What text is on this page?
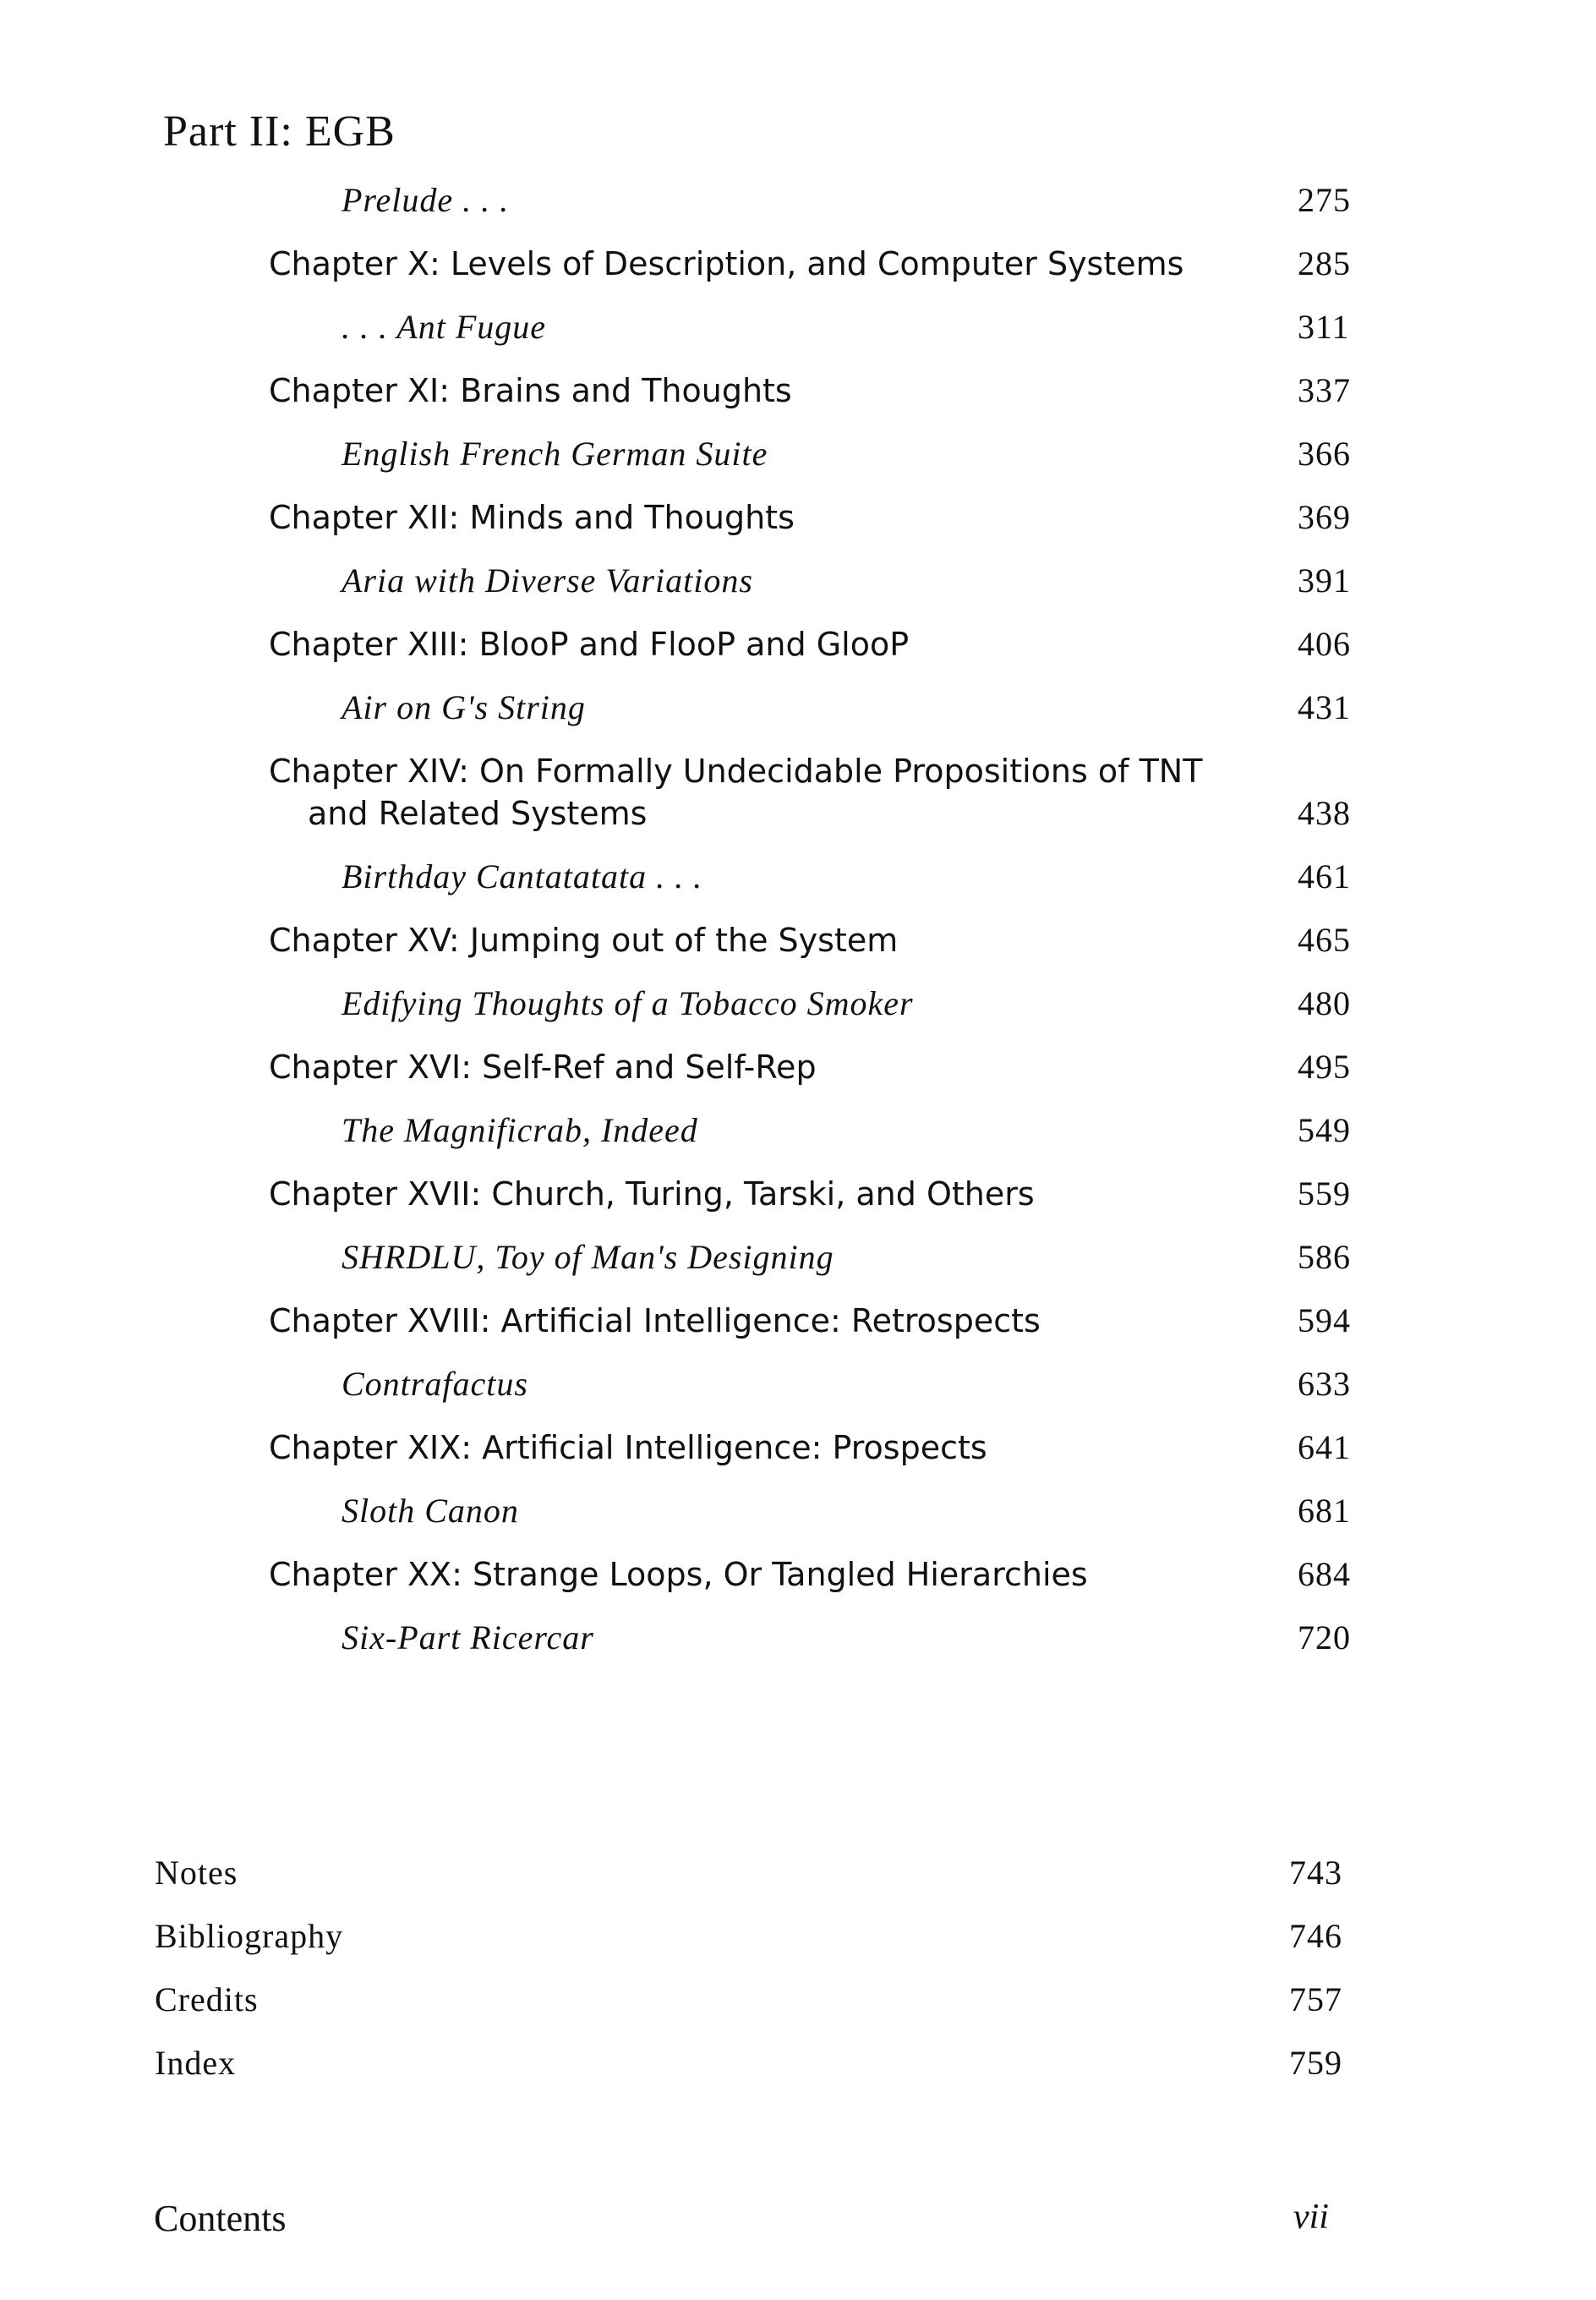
Part II: EGB
Prelude . . .	275
Chapter X: Levels of Description, and Computer Systems	285
. . . Ant Fugue	311
Chapter XI: Brains and Thoughts	337
English French German Suite	366
Chapter XII: Minds and Thoughts	369
Aria with Diverse Variations	391
Chapter XIII: BlooP and FlooP and GlooP	406
Air on G's String	431
Chapter XIV: On Formally Undecidable Propositions of TNT
and Related Systems	438
Birthday Cantatatata . . .	461
Chapter XV: Jumping out of the System	465
Edifying Thoughts of a Tobacco Smoker	480
Chapter XVI: Self-Ref and Self-Rep	495
The Magnificrab, Indeed	549
Chapter XVII: Church, Turing, Tarski, and Others	559
SHRDLU, Toy of Man's Designing	586
Chapter XVIII: Artificial Intelligence: Retrospects	594
Contrafactus	633
Chapter XIX: Artificial Intelligence: Prospects	641
Sloth Canon	681
Chapter XX: Strange Loops, Or Tangled Hierarchies	684
Six-Part Ricercar	720
Notes	743
Bibliography	746
Credits	757
Index	759

Contents	vii
